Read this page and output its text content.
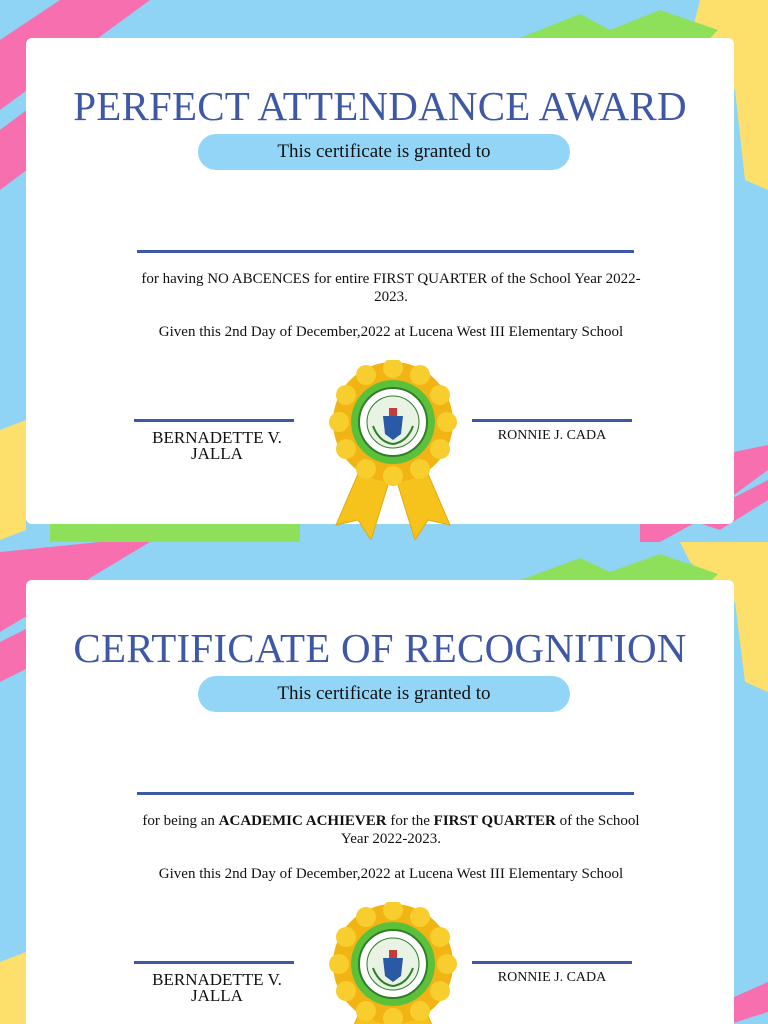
PERFECT ATTENDANCE AWARD
This certificate is granted to
for having NO ABCENCES for entire FIRST QUARTER of the School Year 2022-2023.
Given this 2nd Day of December,2022 at Lucena West III Elementary School
BERNADETTE V. JALLA
RONNIE J. CADA
CERTIFICATE OF RECOGNITION
This certificate is granted to
for being an ACADEMIC ACHIEVER for the FIRST QUARTER of the School Year 2022-2023.
Given this 2nd Day of December,2022 at Lucena West III Elementary School
BERNADETTE V. JALLA
RONNIE J. CADA
